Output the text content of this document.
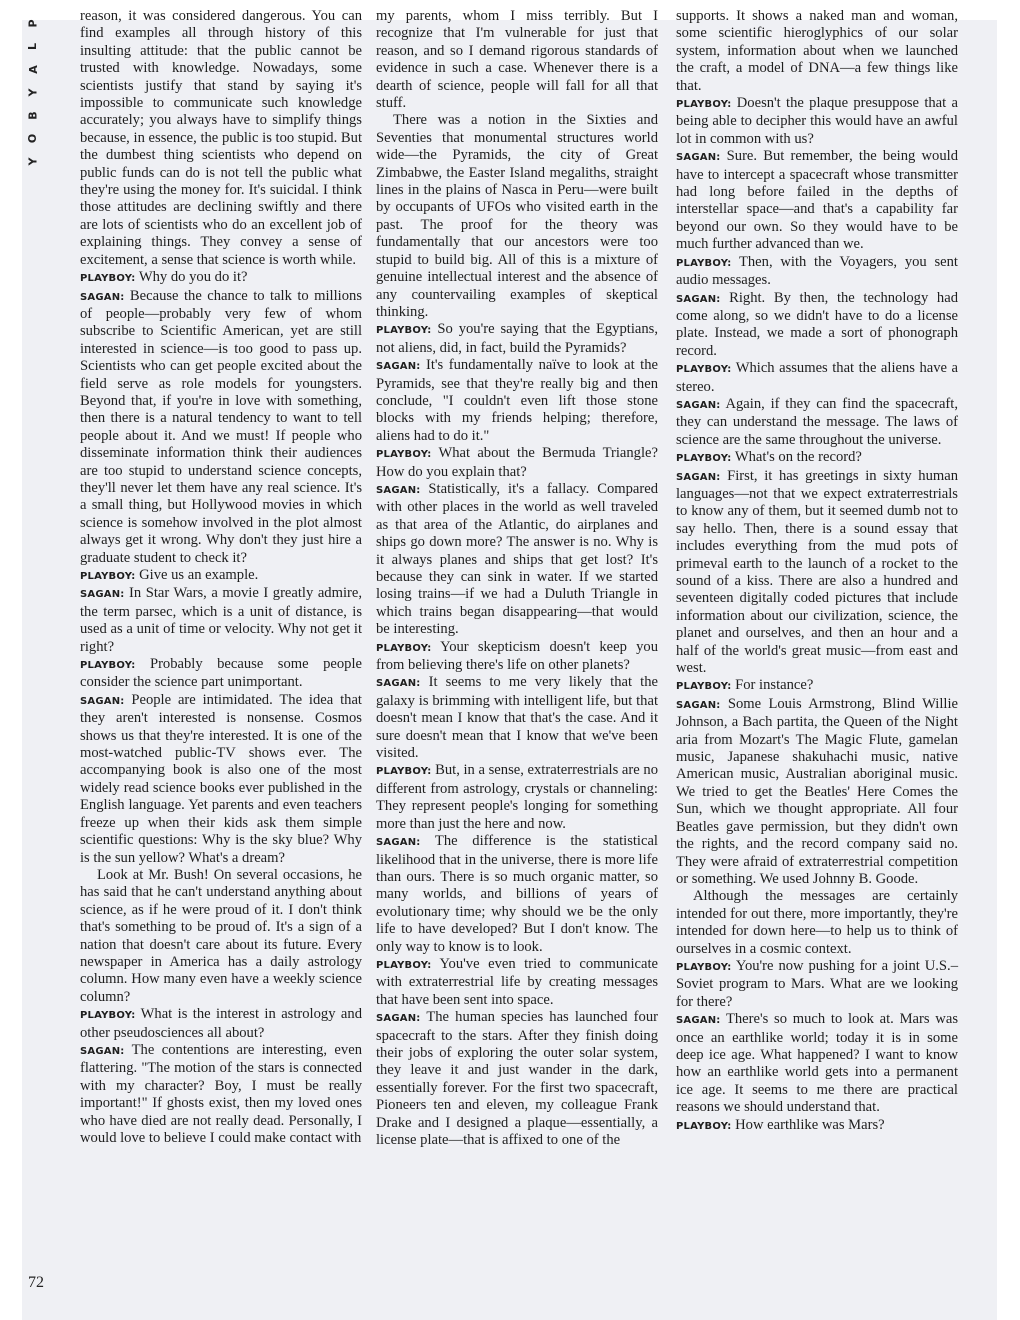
P
L
A
Y
B
O
Y

reason, it was considered dangerous. You can find examples all through history of this insulting attitude: that the public cannot be trusted with knowledge. Nowadays, some scientists justify that stand by saying it's impossible to communicate such knowledge accurately; you always have to simplify things because, in essence, the public is too stupid. But the dumbest thing scientists who depend on public funds can do is not tell the public what they're using the money for. It's suicidal. I think those attitudes are declining swiftly and there are lots of scientists who do an excellent job of explaining things. They convey a sense of excitement, a sense that science is worth while.

PLAYBOY: Why do you do it?

SAGAN: Because the chance to talk to millions of people—probably very few of whom subscribe to Scientific American, yet are still interested in science—is too good to pass up. Scientists who can get people excited about the field serve as role models for youngsters. Beyond that, if you're in love with something, then there is a natural tendency to want to tell people about it. And we must! If people who disseminate information think their audiences are too stupid to understand science concepts, they'll never let them have any real science. It's a small thing, but Hollywood movies in which science is somehow involved in the plot almost always get it wrong. Why don't they just hire a graduate student to check it?

PLAYBOY: Give us an example.

SAGAN: In Star Wars, a movie I greatly admire, the term parsec, which is a unit of distance, is used as a unit of time or velocity. Why not get it right?

PLAYBOY: Probably because some people consider the science part unimportant.

SAGAN: People are intimidated. The idea that they aren't interested is nonsense. Cosmos shows us that they're interested. It is one of the most-watched public-TV shows ever. The accompanying book is also one of the most widely read science books ever published in the English language. Yet parents and even teachers freeze up when their kids ask them simple scientific questions: Why is the sky blue? Why is the sun yellow? What's a dream?

Look at Mr. Bush! On several occasions, he has said that he can't understand anything about science, as if he were proud of it. I don't think that's something to be proud of. It's a sign of a nation that doesn't care about its future. Every newspaper in America has a daily astrology column. How many even have a weekly science column?

PLAYBOY: What is the interest in astrology and other pseudosciences all about?

SAGAN: The contentions are interesting, even flattering. "The motion of the stars is connected with my character? Boy, I must be really important!" If ghosts exist, then my loved ones who have died are not really dead. Personally, I would love to believe I could make contact with

my parents, whom I miss terribly. But I recognize that I'm vulnerable for just that reason, and so I demand rigorous standards of evidence in such a case. Whenever there is a dearth of science, people will fall for all that stuff.

There was a notion in the Sixties and Seventies that monumental structures world wide—the Pyramids, the city of Great Zimbabwe, the Easter Island megaliths, straight lines in the plains of Nasca in Peru—were built by occupants of UFOs who visited earth in the past. The proof for the theory was fundamentally that our ancestors were too stupid to build big. All of this is a mixture of genuine intellectual interest and the absence of any countervailing examples of skeptical thinking.

PLAYBOY: So you're saying that the Egyptians, not aliens, did, in fact, build the Pyramids?

SAGAN: It's fundamentally naïve to look at the Pyramids, see that they're really big and then conclude, "I couldn't even lift those stone blocks with my friends helping; therefore, aliens had to do it."

PLAYBOY: What about the Bermuda Triangle? How do you explain that?

SAGAN: Statistically, it's a fallacy. Compared with other places in the world as well traveled as that area of the Atlantic, do airplanes and ships go down more? The answer is no. Why is it always planes and ships that get lost? It's because they can sink in water. If we started losing trains—if we had a Duluth Triangle in which trains began disappearing—that would be interesting.

PLAYBOY: Your skepticism doesn't keep you from believing there's life on other planets?

SAGAN: It seems to me very likely that the galaxy is brimming with intelligent life, but that doesn't mean I know that that's the case. And it sure doesn't mean that I know that we've been visited.

PLAYBOY: But, in a sense, extraterrestrials are no different from astrology, crystals or channeling: They represent people's longing for something more than just the here and now.

SAGAN: The difference is the statistical likelihood that in the universe, there is more life than ours. There is so much organic matter, so many worlds, and billions of years of evolutionary time; why should we be the only life to have developed? But I don't know. The only way to know is to look.

PLAYBOY: You've even tried to communicate with extraterrestrial life by creating messages that have been sent into space.

SAGAN: The human species has launched four spacecraft to the stars. After they finish doing their jobs of exploring the outer solar system, they leave it and just wander in the dark, essentially forever. For the first two spacecraft, Pioneers ten and eleven, my colleague Frank Drake and I designed a plaque—essentially, a license plate—that is affixed to one of the

supports. It shows a naked man and woman, some scientific hieroglyphics of our solar system, information about when we launched the craft, a model of DNA—a few things like that.

PLAYBOY: Doesn't the plaque presuppose that a being able to decipher this would have an awful lot in common with us?

SAGAN: Sure. But remember, the being would have to intercept a spacecraft whose transmitter had long before failed in the depths of interstellar space—and that's a capability far beyond our own. So they would have to be much further advanced than we.

PLAYBOY: Then, with the Voyagers, you sent audio messages.

SAGAN: Right. By then, the technology had come along, so we didn't have to do a license plate. Instead, we made a sort of phonograph record.

PLAYBOY: Which assumes that the aliens have a stereo.

SAGAN: Again, if they can find the spacecraft, they can understand the message. The laws of science are the same throughout the universe.

PLAYBOY: What's on the record?

SAGAN: First, it has greetings in sixty human languages—not that we expect extraterrestrials to know any of them, but it seemed dumb not to say hello. Then, there is a sound essay that includes everything from the mud pots of primeval earth to the launch of a rocket to the sound of a kiss. There are also a hundred and seventeen digitally coded pictures that include information about our civilization, science, the planet and ourselves, and then an hour and a half of the world's great music—from east and west.

PLAYBOY: For instance?

SAGAN: Some Louis Armstrong, Blind Willie Johnson, a Bach partita, the Queen of the Night aria from Mozart's The Magic Flute, gamelan music, Japanese shakuhachi music, native American music, Australian aboriginal music. We tried to get the Beatles' Here Comes the Sun, which we thought appropriate. All four Beatles gave permission, but they didn't own the rights, and the record company said no. They were afraid of extraterrestrial competition or something. We used Johnny B. Goode.

Although the messages are certainly intended for out there, more importantly, they're intended for down here—to help us to think of ourselves in a cosmic context.

PLAYBOY: You're now pushing for a joint U.S.–Soviet program to Mars. What are we looking for there?

SAGAN: There's so much to look at. Mars was once an earthlike world; today it is in some deep ice age. What happened? I want to know how an earthlike world gets into a permanent ice age. It seems to me there are practical reasons we should understand that.

PLAYBOY: How earthlike was Mars?

72
